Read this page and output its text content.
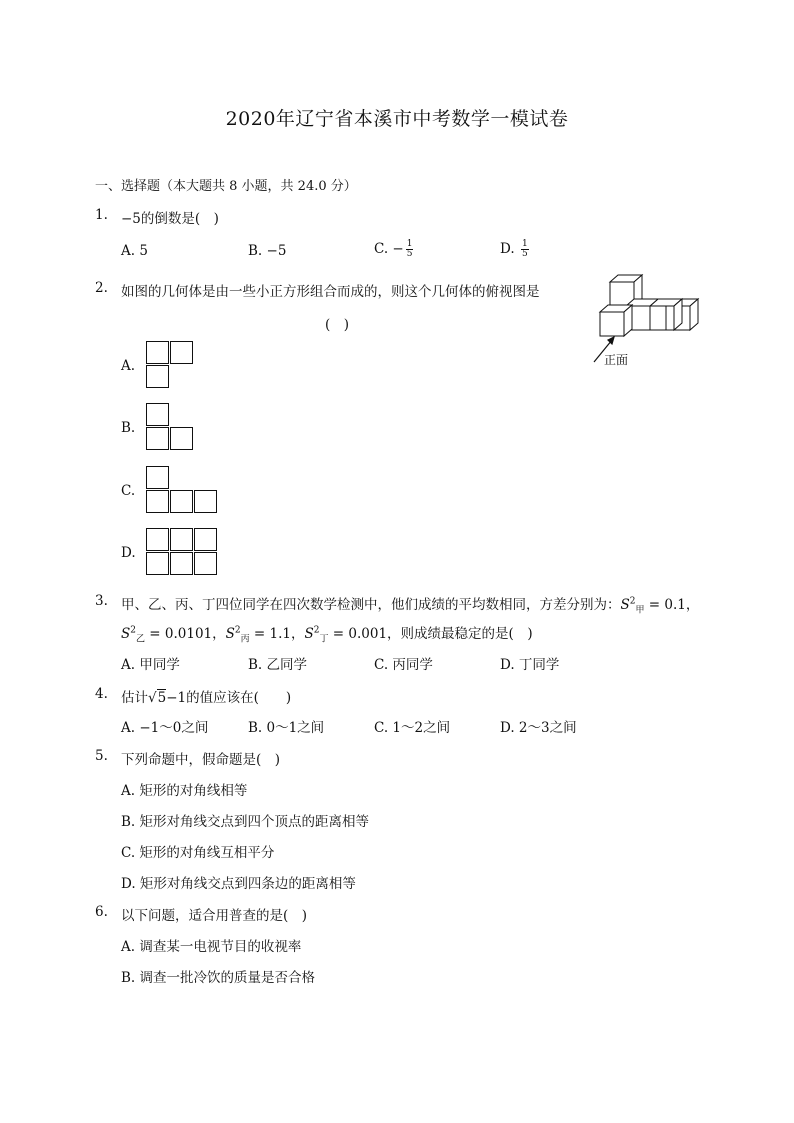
2020年辽宁省本溪市中考数学一模试卷
一、选择题（本大题共 8 小题，共 24.0 分）
1. −5的倒数是(　)
A. 5	B. −5	C. − $\frac{1}{5}$	D. $\frac{1}{5}$
2. 如图的几何体是由一些小正方形组合而成的，则这个几何体的俯视图是
(　)
正面
A.
B.
C.
D.
3. 甲、乙、丙、丁四位同学在四次数学检测中，他们成绩的平均数相同，方差分别为：$S^2_甲 = 0.1$，
$S^2_乙 = 0.0101$，$S^2_丙 = 1.1$，$S^2_丁 = 0.001$，则成绩最稳定的是(　)
A. 甲同学	B. 乙同学	C. 丙同学	D. 丁同学
4. 估计√5−1的值应该在(　　)
A. −1～0之间	B. 0～1之间	C. 1～2之间	D. 2～3之间
5. 下列命题中，假命题是(　)
A. 矩形的对角线相等
B. 矩形对角线交点到四个顶点的距离相等
C. 矩形的对角线互相平分
D. 矩形对角线交点到四条边的距离相等
6. 以下问题，适合用普查的是(　)
A. 调查某一电视节目的收视率
B. 调查一批冷饮的质量是否合格
